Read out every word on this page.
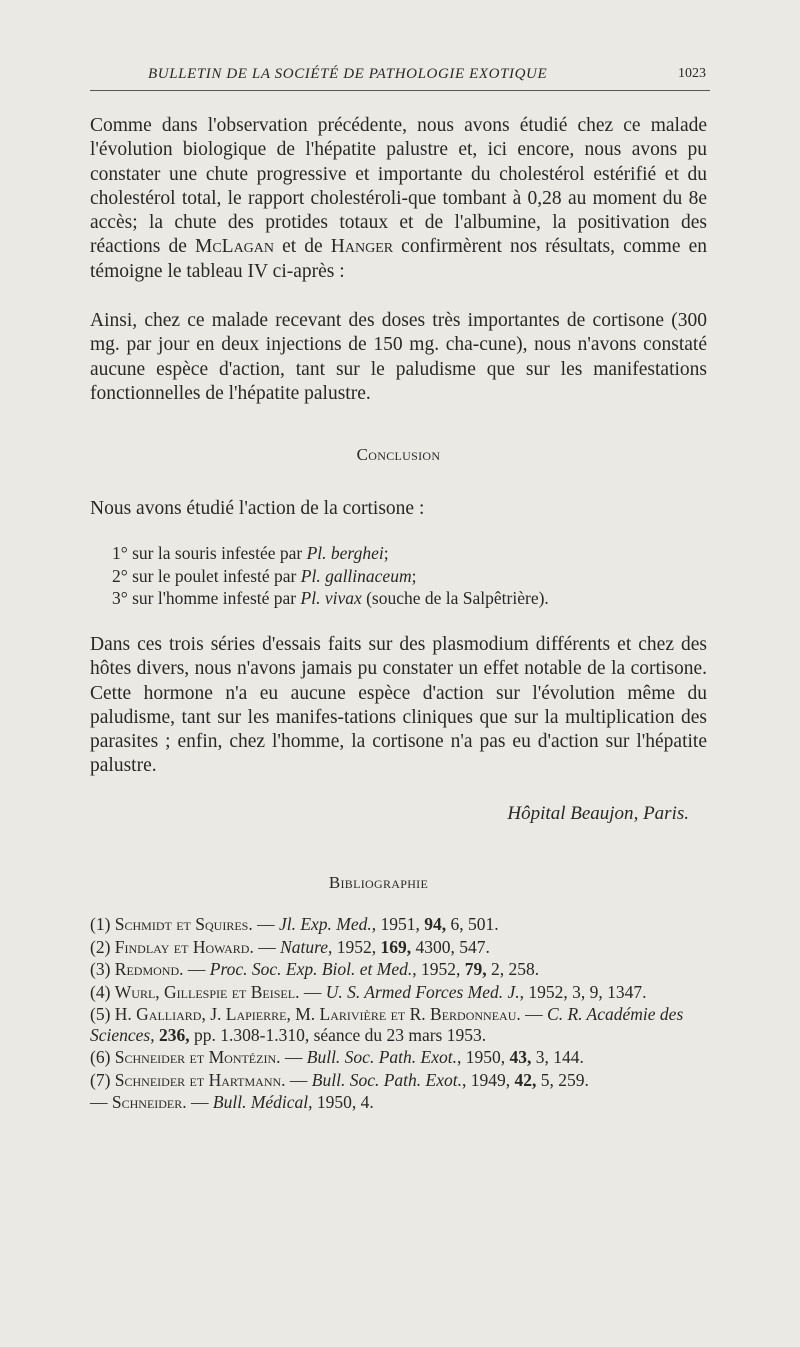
BULLETIN DE LA SOCIÉTÉ DE PATHOLOGIE EXOTIQUE	1023

Comme dans l'observation précédente, nous avons étudié chez ce malade l'évolution biologique de l'hépatite palustre et, ici encore, nous avons pu constater une chute progressive et importante du cholestérol estérifié et du cholestérol total, le rapport cholestéroli-que tombant à 0,28 au moment du 8e accès; la chute des protides totaux et de l'albumine, la positivation des réactions de McLagan et de Hanger confirmèrent nos résultats, comme en témoigne le tableau IV ci-après :

Ainsi, chez ce malade recevant des doses très importantes de cortisone (300 mg. par jour en deux injections de 150 mg. cha-cune), nous n'avons constaté aucune espèce d'action, tant sur le paludisme que sur les manifestations fonctionnelles de l'hépatite palustre.

Conclusion
Nous avons étudié l'action de la cortisone :
1° sur la souris infestée par Pl. berghei;
2° sur le poulet infesté par Pl. gallinaceum;
3° sur l'homme infesté par Pl. vivax (souche de la Salpêtrière).

Dans ces trois séries d'essais faits sur des plasmodium différents et chez des hôtes divers, nous n'avons jamais pu constater un effet notable de la cortisone. Cette hormone n'a eu aucune espèce d'action sur l'évolution même du paludisme, tant sur les manifes-tations cliniques que sur la multiplication des parasites ; enfin, chez l'homme, la cortisone n'a pas eu d'action sur l'hépatite palustre.

Hôpital Beaujon, Paris.
Bibliographie
(1) Schmidt et Squires. — Jl. Exp. Med., 1951, 94, 6, 501.
(2) Findlay et Howard. — Nature, 1952, 169, 4300, 547.
(3) Redmond. — Proc. Soc. Exp. Biol. et Med., 1952, 79, 2, 258.
(4) Wurl, Gillespie et Beisel. — U. S. Armed Forces Med. J., 1952, 3, 9, 1347.
(5) H. Galliard, J. Lapierre, M. Larivière et R. Berdonneau. — C. R. Académie des Sciences, 236, pp. 1.308-1.310, séance du 23 mars 1953.
(6) Schneider et Montézin. — Bull. Soc. Path. Exot., 1950, 43, 3, 144.
(7) Schneider et Hartmann. — Bull. Soc. Path. Exot., 1949, 42, 5, 259.
— Schneider. — Bull. Médical, 1950, 4.
